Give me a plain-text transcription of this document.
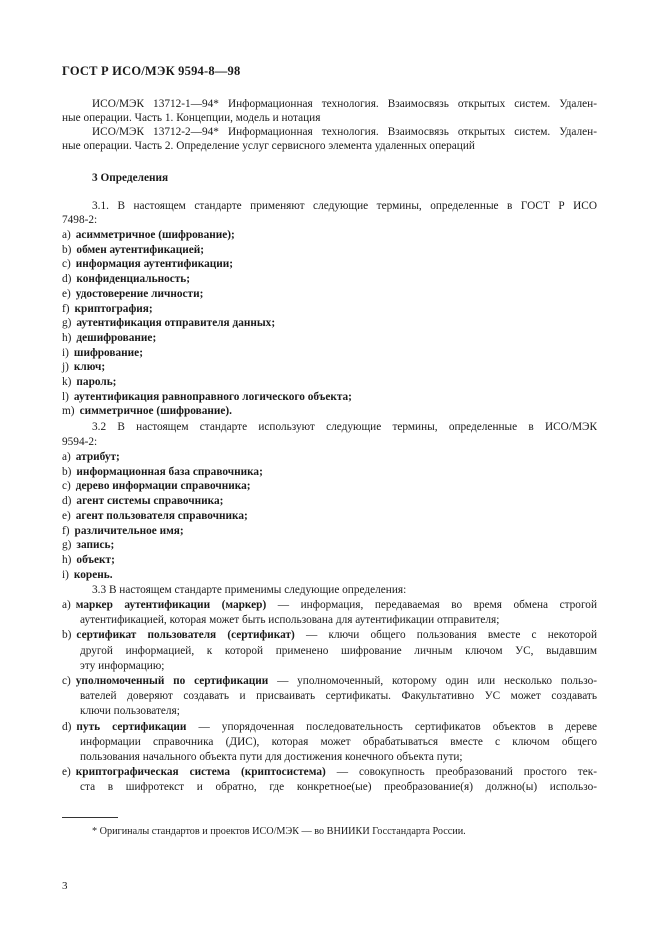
ГОСТ Р ИСО/МЭК 9594-8—98
ИСО/МЭК 13712-1—94* Информационная технология. Взаимосвязь открытых систем. Удален-
ные операции. Часть 1. Концепции, модель и нотация
ИСО/МЭК 13712-2—94* Информационная технология. Взаимосвязь открытых систем. Удален-
ные операции. Часть 2. Определение услуг сервисного элемента удаленных операций
3 Определения
3.1. В настоящем стандарте применяют следующие термины, определенные в ГОСТ Р ИСО
7498-2:
а) асимметричное (шифрование);
b) обмен аутентификацией;
c) информация аутентификации;
d) конфиденциальность;
e) удостоверение личности;
f) криптография;
g) аутентификация отправителя данных;
h) дешифрование;
i) шифрование;
j) ключ;
k) пароль;
l) аутентификация равноправного логического объекта;
m) симметричное (шифрование).
3.2 В настоящем стандарте используют следующие термины, определенные в ИСО/МЭК
9594-2:
а) атрибут;
b) информационная база справочника;
c) дерево информации справочника;
d) агент системы справочника;
e) агент пользователя справочника;
f) различительное имя;
g) запись;
h) объект;
i) корень.
3.3 В настоящем стандарте применимы следующие определения:
а) маркер аутентификации (маркер) — информация, передаваемая во время обмена строгой
аутентификацией, которая может быть использована для аутентификации отправителя;
b) сертификат пользователя (сертификат) — ключи общего пользования вместе с некоторой
другой информацией, к которой применено шифрование личным ключом УС, выдавшим
эту информацию;
c) уполномоченный по сертификации — уполномоченный, которому один или несколько пользо-
вателей доверяют создавать и присваивать сертификаты. Факультативно УС может создавать
ключи пользователя;
d) путь сертификации — упорядоченная последовательность сертификатов объектов в дереве
информации справочника (ДИС), которая может обрабатываться вместе с ключом общего
пользования начального объекта пути для достижения конечного объекта пути;
e) криптографическая система (криптосистема) — совокупность преобразований простого тек-
ста в шифротекст и обратно, где конкретное(ые) преобразование(я) должно(ы) использо-
* Оригиналы стандартов и проектов ИСО/МЭК — во ВНИИКИ Госстандарта России.
3
